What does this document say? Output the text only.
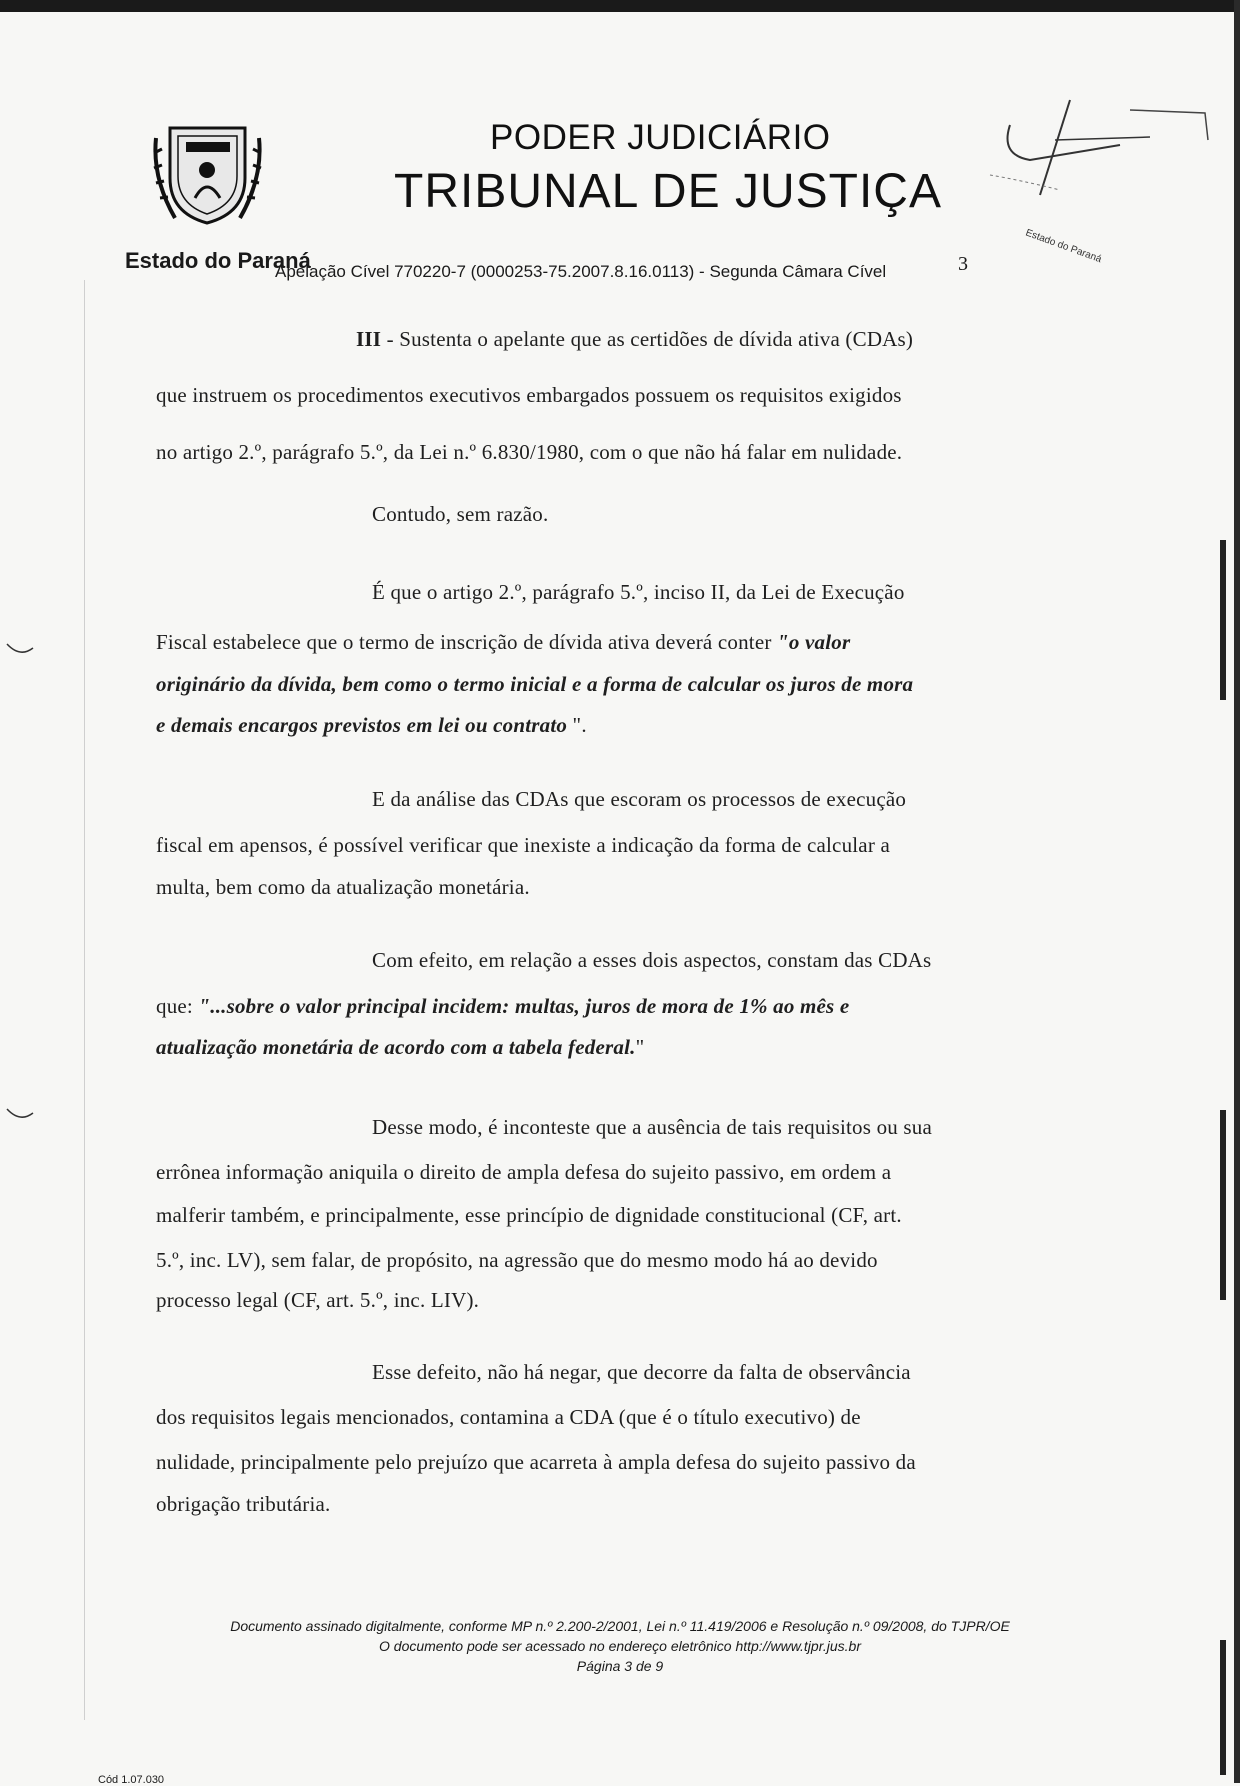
PODER JUDICIÁRIO
TRIBUNAL DE JUSTIÇA
Estado do Paraná
Apelação Cível 770220-7 (0000253-75.2007.8.16.0113) - Segunda Câmara Cível	3	Estado do Paraná
III - Sustenta o apelante que as certidões de dívida ativa (CDAs)
que instruem os procedimentos executivos embargados possuem os requisitos exigidos
no artigo 2.º, parágrafo 5.º, da Lei n.º 6.830/1980, com o que não há falar em nulidade.
Contudo, sem razão.
É que o artigo 2.º, parágrafo 5.º, inciso II, da Lei de Execução
Fiscal estabelece que o termo de inscrição de dívida ativa deverá conter "o valor
originário da dívida, bem como o termo inicial e a forma de calcular os juros de mora
e demais encargos previstos em lei ou contrato ".
E da análise das CDAs que escoram os processos de execução
fiscal em apensos, é possível verificar que inexiste a indicação da forma de calcular a
multa, bem como da atualização monetária.
Com efeito, em relação a esses dois aspectos, constam das CDAs
que: "...sobre o valor principal incidem: multas, juros de mora de 1% ao mês e
atualização monetária de acordo com a tabela federal."
Desse modo, é inconteste que a ausência de tais requisitos ou sua
errônea informação aniquila o direito de ampla defesa do sujeito passivo, em ordem a
malferir também, e principalmente, esse princípio de dignidade constitucional (CF, art.
5.º, inc. LV), sem falar, de propósito, na agressão que do mesmo modo há ao devido
processo legal (CF, art. 5.º, inc. LIV).
Esse defeito, não há negar, que decorre da falta de observância
dos requisitos legais mencionados, contamina a CDA (que é o título executivo) de
nulidade, principalmente pelo prejuízo que acarreta à ampla defesa do sujeito passivo da
obrigação tributária.
Documento assinado digitalmente, conforme MP n.º 2.200-2/2001, Lei n.º 11.419/2006 e Resolução n.º 09/2008, do TJPR/OE
O documento pode ser acessado no endereço eletrônico http://www.tjpr.jus.br
Página 3 de 9
Cód 1.07.030
